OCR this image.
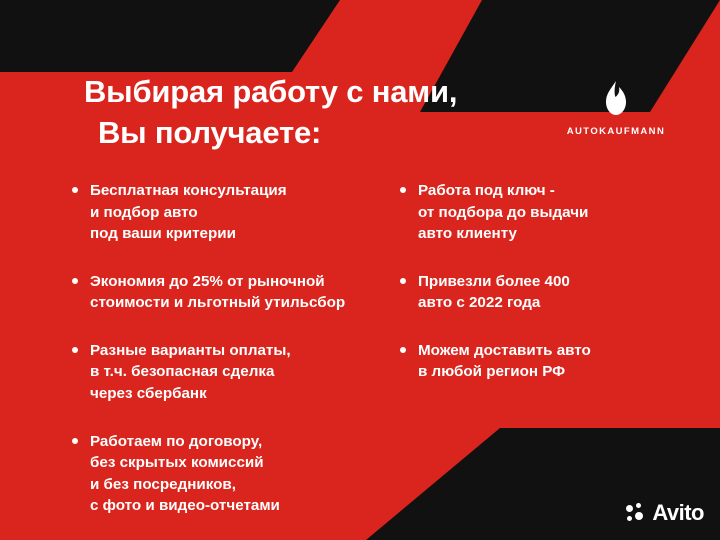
Выбирая работу с нами,
Вы получаете:	AUTOKAUFMANN
Бесплатная консультация
и подбор авто
под ваши критерии
Экономия до 25% от рыночной
стоимости и льготный утильсбор
Разные варианты оплаты,
в т.ч. безопасная сделка
через сбербанк
Работаем по договору,
без скрытых комиссий
и без посредников,
с фото и видео-отчетами
Работа под ключ -
от подбора до выдачи
авто клиенту
Привезли более 400
авто с 2022 года
Можем доставить авто
в любой регион РФ
Avito
